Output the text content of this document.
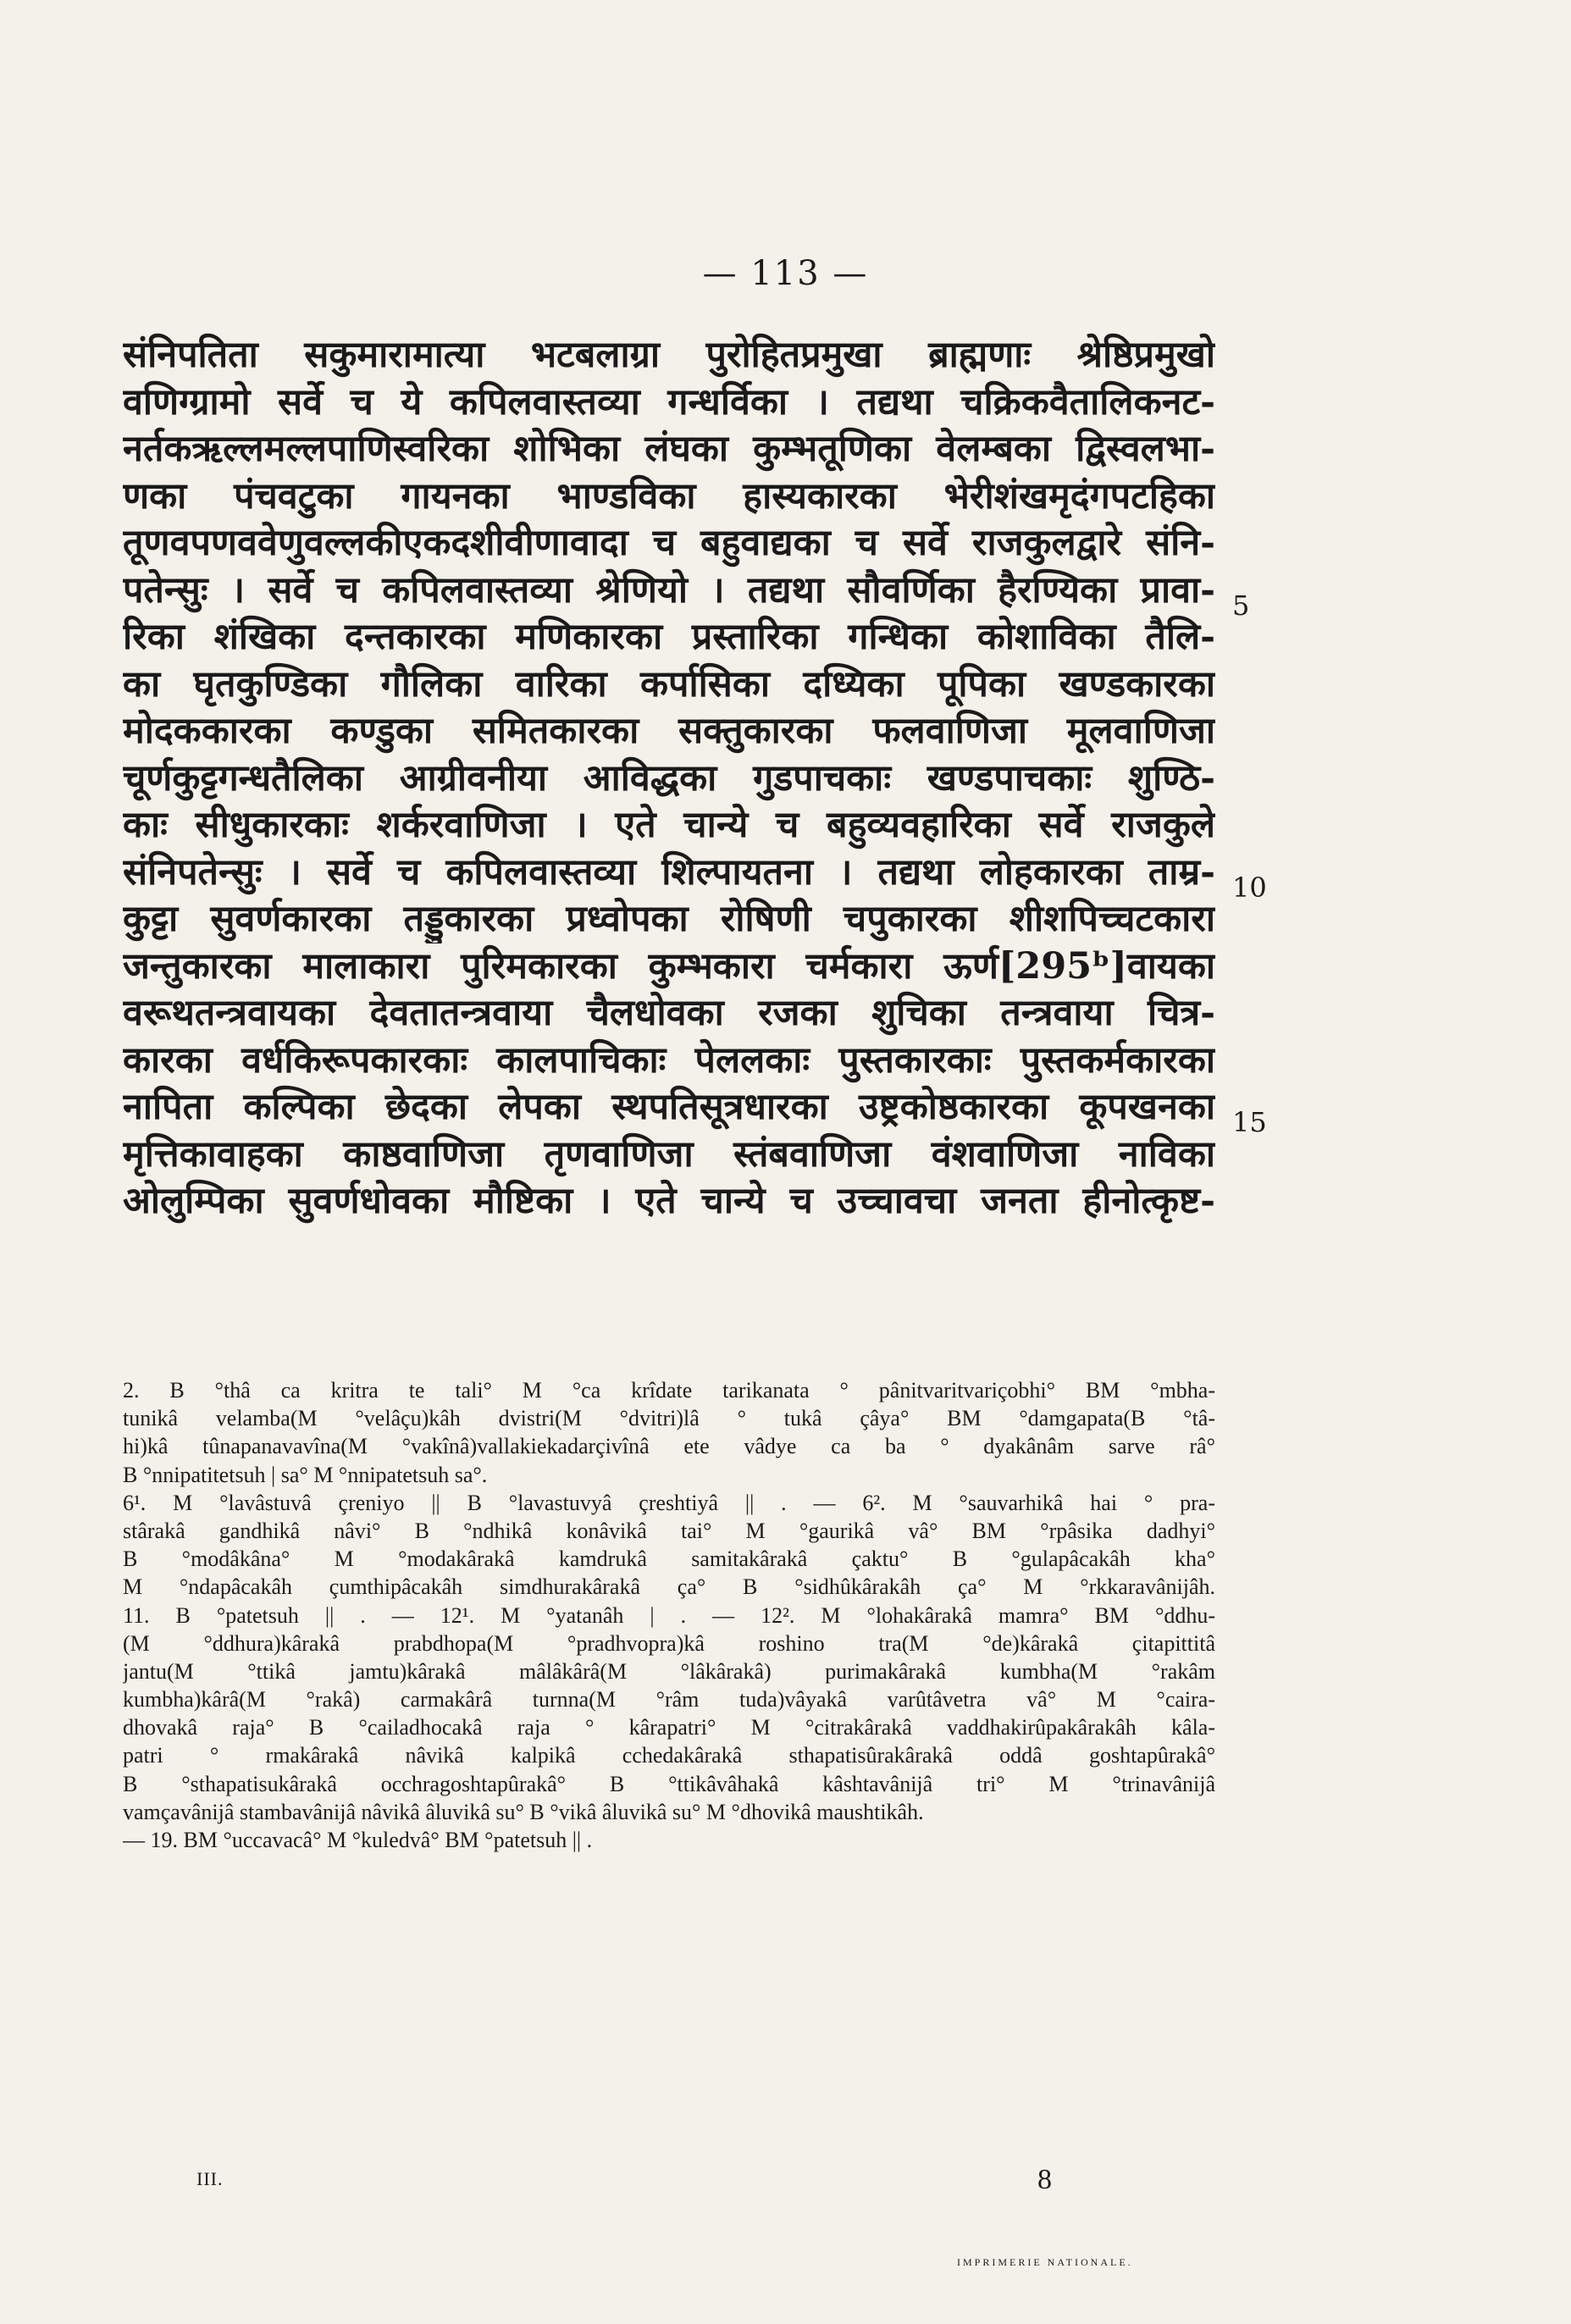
— 113 —
संनिपतिता सकुमारामात्या भटबलाग्रा पुरोहितप्रमुखा ब्राह्मणाः श्रेष्ठिप्रमुखो
वणिग्ग्रामो सर्वे च ये कपिलवास्तव्या गन्धर्विका । तद्यथा चक्रिकवैतालिकनट-
नर्तकऋल्लमल्लपाणिस्वरिका शोभिका लंघका कुम्भतूणिका वेलम्बका द्विस्वलभा-
णका पंचवटुका गायनका भाण्डविका हास्यकारका भेरीशंखमृदंगपटहिका
तूणवपणववेणुवल्लकीएकदशीवीणावादा च बहुवाद्यका च सर्वे राजकुलद्वारे संनि-
पतेन्सुः । सर्वे च कपिलवास्तव्या श्रेणियो । तद्यथा सौवर्णिका हैरण्यिका प्रावा-
रिका शंखिका दन्तकारका मणिकारका प्रस्तारिका गन्धिका कोशाविका तैलि-
का घृतकुण्डिका गौलिका वारिका कर्पासिका दध्यिका पूपिका खण्डकारका
मोदककारका कण्डुका समितकारका सक्तुकारका फलवाणिजा मूलवाणिजा
चूर्णकुट्टगन्धतैलिका आग्रीवनीया आविद्धका गुडपाचकाः खण्डपाचकाः शुण्ठि-
काः सीधुकारकाः शर्करवाणिजा । एते चान्ये च बहुव्यवहारिका सर्वे राजकुले
संनिपतेन्सुः । सर्वे च कपिलवास्तव्या शिल्पायतना । तद्यथा लोहकारका ताम्र-
कुट्टा सुवर्णकारका तड्डुकारका प्रध्वोपका रोषिणी चपुकारका शीशपिच्चटकारा
जन्तुकारका मालाकारा पुरिमकारका कुम्भकारा चर्मकारा ऊर्ण[295ᵇ]वायका
वरूथतन्त्रवायका देवतातन्त्रवाया चैलधोवका रजका शुचिका तन्त्रवाया चित्र-
कारका वर्धकिरूपकारकाः कालपाचिकाः पेललकाः पुस्तकारकाः पुस्तकर्मकारका
नापिता कल्पिका छेदका लेपका स्थपतिसूत्रधारका उष्ट्रकोष्ठकारका कूपखनका
मृत्तिकावाहका काष्ठवाणिजा तृणवाणिजा स्तंबवाणिजा वंशवाणिजा नाविका
ओलुम्पिका सुवर्णधोवका मौष्टिका । एते चान्ये च उच्चावचा जनता हीनोत्कृष्ट-
5
10
15
2. B °thâ ca kritra te tali° M °ca krîdate tarikanata ° pânitvaritvariçobhi° BM °mbha-
tunikâ velamba(M °velâçu)kâh dvistri(M °dvitri)lâ ° tukâ çâya° BM °damgapata(B °tâ-
hi)kâ tûnapanavavîna(M °vakînâ)vallakiekadarçivînâ ete vâdye ca ba ° dyakânâm sarve râ°
B °nnipatitetsuh | sa° M °nnipatetsuh sa°.
6¹. M °lavâstuvâ çreniyo || B °lavastuvyâ çreshtiyâ || . — 6². M °sauvarhikâ hai ° pra-
stârakâ gandhikâ nâvi° B °ndhikâ konâvikâ tai° M °gaurikâ vâ° BM °rpâsika dadhyi°
B °modâkâna° M °modakârakâ kamdrukâ samitakârakâ çaktu° B °gulapâcakâh kha°
M °ndapâcakâh çumthipâcakâh simdhurakârakâ ça° B °sidhûkârakâh ça° M °rkkaravânijâh.
11. B °patetsuh || . — 12¹. M °yatanâh | . — 12². M °lohakârakâ mamra° BM °ddhu-
(M °ddhura)kârakâ prabdhopa(M °pradhvopra)kâ roshino tra(M °de)kârakâ çitapittitâ
jantu(M °ttikâ jamtu)kârakâ mâlâkârâ(M °lâkârakâ) purimakârakâ kumbha(M °rakâm
kumbha)kârâ(M °rakâ) carmakârâ turnna(M °râm tuda)vâyakâ varûtâvetra vâ° M °caira-
dhovakâ raja° B °cailadhocakâ raja ° kârapatri° M °citrakârakâ vaddhakirûpakârakâh kâla-
patri ° rmakârakâ nâvikâ kalpikâ cchedakârakâ sthapatisûrakârakâ oddâ goshtapûrakâ°
B °sthapatisukârakâ occhragoshtapûrakâ° B °ttikâvâhakâ kâshtavânijâ tri° M °trinavânijâ
vamçavânijâ stambavânijâ nâvikâ âluvikâ su° B °vikâ âluvikâ su° M °dhovikâ maushtikâh.
— 19. BM °uccavacâ° M °kuledvâ° BM °patetsuh || .
III.	8
IMPRIMERIE NATIONALE.
